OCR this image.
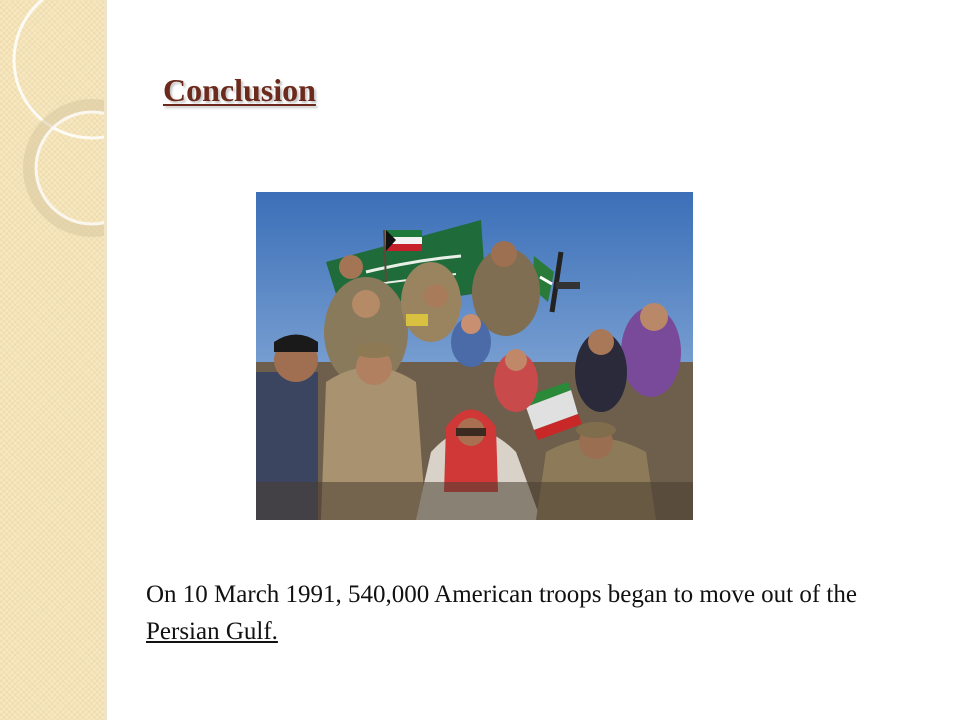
Conclusion

On 10 March 1991, 540,000 American troops began to move out of the Persian Gulf.
